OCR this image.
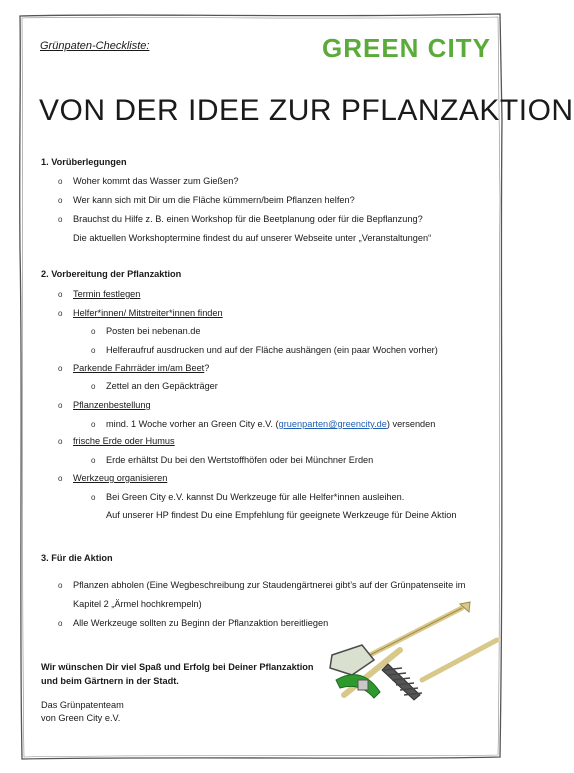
Grünpaten-Checkliste:	GREEN CITY
VON DER IDEE ZUR PFLANZAKTION
1. Vorüberlegungen
o Woher kommt das Wasser zum Gießen?
o Wer kann sich mit Dir um die Fläche kümmern/beim Pflanzen helfen?
o Brauchst du Hilfe z. B. einen Workshop für die Beetplanung oder für die Bepflanzung?
Die aktuellen Workshoptermine findest du auf unserer Webseite unter „Veranstaltungen“
2. Vorbereitung der Pflanzaktion
o Termin festlegen
o Helfer*innen/ Mitstreiter*innen finden
o Posten bei nebenan.de
o Helferaufruf ausdrucken und auf der Fläche aushängen (ein paar Wochen vorher)
o Parkende Fahrräder im/am Beet?
o Zettel an den Gepäckträger
o Pflanzenbestellung
o mind. 1 Woche vorher an Green City e.V. (gruenparten@greencity.de) versenden
o frische Erde oder Humus
o Erde erhältst Du bei den Wertstoffhöfen oder bei Münchner Erden
o Werkzeug organisieren
o Bei Green City e.V. kannst Du Werkzeuge für alle Helfer*innen ausleihen.
Auf unserer HP findest Du eine Empfehlung für geeignete Werkzeuge für Deine Aktion
3. Für die Aktion
o Pflanzen abholen (Eine Wegbeschreibung zur Staudengärtnerei gibt’s auf der Grünpatenseite im
Kapitel 2 „Ärmel hochkrempeln)
o Alle Werkzeuge sollten zu Beginn der Pflanzaktion bereitliegen
Wir wünschen Dir viel Spaß und Erfolg bei Deiner Pflanzaktion
und beim Gärtnern in der Stadt.
Das Grünpatenteam
von Green City e.V.
